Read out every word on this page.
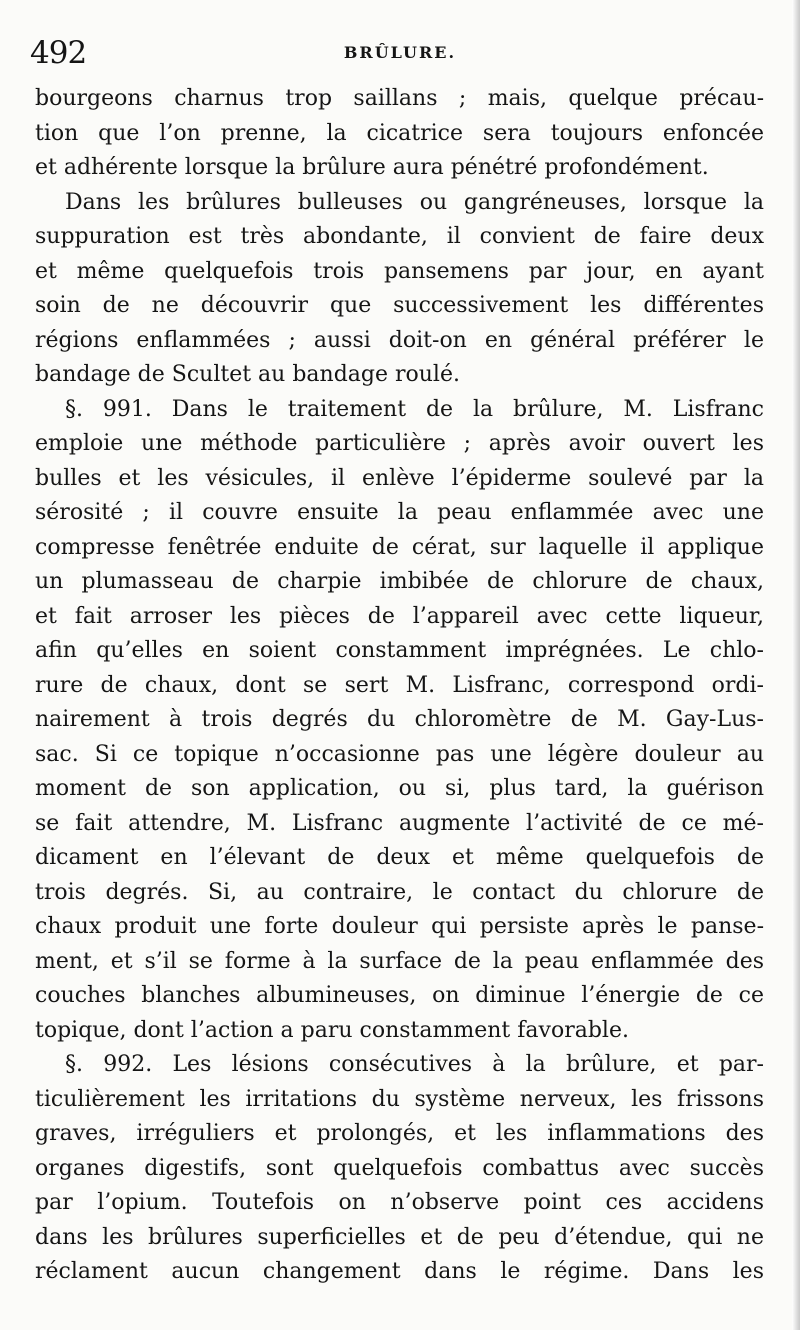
492	BRÛLURE.
bourgeons charnus trop saillans ; mais, quelque précau-
tion que l’on prenne, la cicatrice sera toujours enfoncée
et adhérente lorsque la brûlure aura pénétré profondément.
Dans les brûlures bulleuses ou gangréneuses, lorsque la
suppuration est très abondante, il convient de faire deux
et même quelquefois trois pansemens par jour, en ayant
soin de ne découvrir que successivement les différentes
régions enflammées ; aussi doit-on en général préférer le
bandage de Scultet au bandage roulé.
§. 991. Dans le traitement de la brûlure, M. Lisfranc
emploie une méthode particulière ; après avoir ouvert les
bulles et les vésicules, il enlève l’épiderme soulevé par la
sérosité ; il couvre ensuite la peau enflammée avec une
compresse fenêtrée enduite de cérat, sur laquelle il applique
un plumasseau de charpie imbibée de chlorure de chaux,
et fait arroser les pièces de l’appareil avec cette liqueur,
afin qu’elles en soient constamment imprégnées. Le chlo-
rure de chaux, dont se sert M. Lisfranc, correspond ordi-
nairement à trois degrés du chloromètre de M. Gay-Lus-
sac. Si ce topique n’occasionne pas une légère douleur au
moment de son application, ou si, plus tard, la guérison
se fait attendre, M. Lisfranc augmente l’activité de ce mé-
dicament en l’élevant de deux et même quelquefois de
trois degrés. Si, au contraire, le contact du chlorure de
chaux produit une forte douleur qui persiste après le panse-
ment, et s’il se forme à la surface de la peau enflammée des
couches blanches albumineuses, on diminue l’énergie de ce
topique, dont l’action a paru constamment favorable.
§. 992. Les lésions consécutives à la brûlure, et par-
ticulièrement les irritations du système nerveux, les frissons
graves, irréguliers et prolongés, et les inflammations des
organes digestifs, sont quelquefois combattus avec succès
par l’opium. Toutefois on n’observe point ces accidens
dans les brûlures superficielles et de peu d’étendue, qui ne
réclament aucun changement dans le régime. Dans les
